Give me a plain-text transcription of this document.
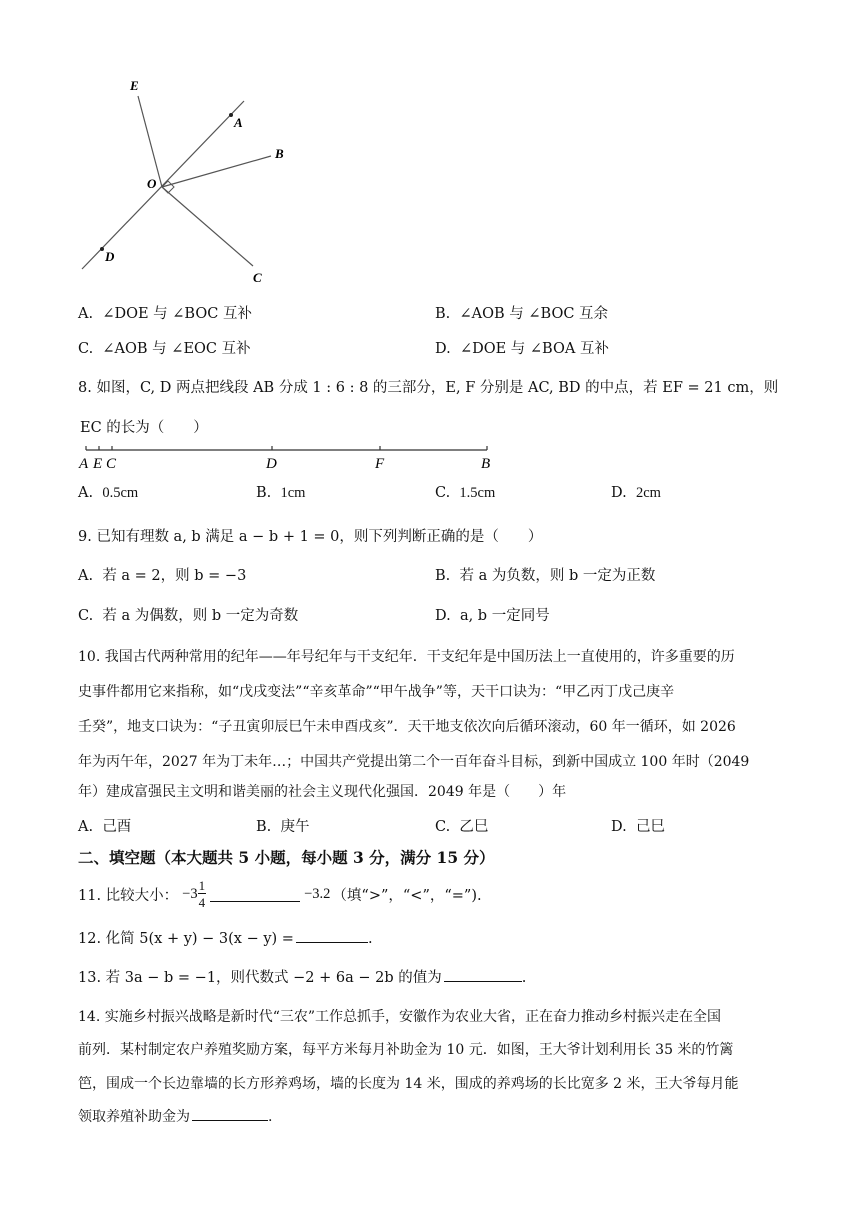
E
A
B
O
D
C
A. ∠DOE 与 ∠BOC 互补	B. ∠AOB 与 ∠BOC 互余
C. ∠AOB 与 ∠EOC 互补	D. ∠DOE 与 ∠BOA 互补
8. 如图，C, D 两点把线段 AB 分成 1 : 6 : 8 的三部分，E, F 分别是 AC, BD 的中点，若 EF = 21 cm，则
EC 的长为（　　）
A E C	D	F	B
A. 0.5cm	B. 1cm	C. 1.5cm	D. 2cm
9. 已知有理数 a, b 满足 a − b + 1 = 0，则下列判断正确的是（　　）
A. 若 a = 2，则 b = −3	B. 若 a 为负数，则 b 一定为正数
C. 若 a 为偶数，则 b 一定为奇数	D. a, b 一定同号
10. 我国古代两种常用的纪年——年号纪年与干支纪年．干支纪年是中国历法上一直使用的，许多重要的历
史事件都用它来指称，如“戊戌变法”“辛亥革命”“甲午战争”等，天干口诀为：“甲乙丙丁戊己庚辛
壬癸”，地支口诀为：“子丑寅卯辰巳午未申酉戌亥”．天干地支依次向后循环滚动，60 年一循环，如 2026
年为丙午年，2027 年为丁未年…；中国共产党提出第二个一百年奋斗目标，到新中国成立 100 年时（2049
年）建成富强民主文明和谐美丽的社会主义现代化强国．2049 年是（　　）年
A. 己酉	B. 庚午	C. 乙巳	D. 己巳
二、填空题（本大题共 5 小题，每小题 3 分，满分 15 分）
11. 比较大小： $-3 \frac{1}{4}$	−3.2 （填“>”，“<”，“=”).
12. 化简 5(x + y) − 3(x − y) =	.
13. 若 3a − b = −1，则代数式 −2 + 6a − 2b 的值为	.
14. 实施乡村振兴战略是新时代“三农”工作总抓手，安徽作为农业大省，正在奋力推动乡村振兴走在全国
前列．某村制定农户养殖奖励方案，每平方米每月补助金为 10 元．如图，王大爷计划利用长 35 米的竹篱
笆，围成一个长边靠墙的长方形养鸡场，墙的长度为 14 米，围成的养鸡场的长比宽多 2 米，王大爷每月能
领取养殖补助金为	.
